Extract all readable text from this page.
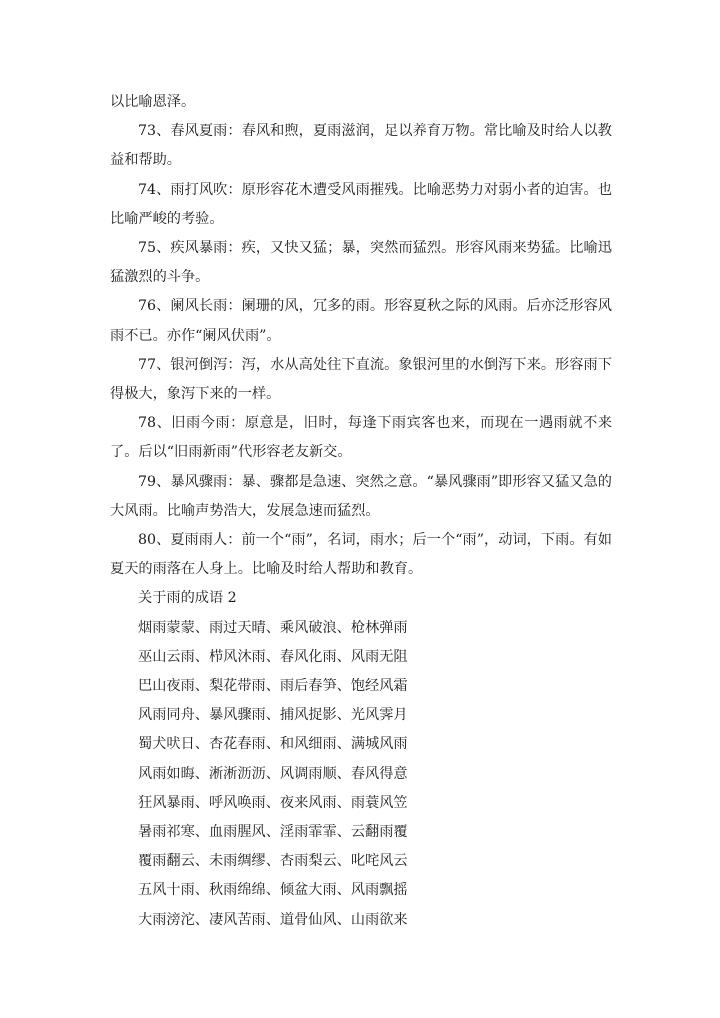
以比喻恩泽。

73、春风夏雨：春风和煦，夏雨滋润，足以养育万物。常比喻及时给人以教益和帮助。

74、雨打风吹：原形容花木遭受风雨摧残。比喻恶势力对弱小者的迫害。也比喻严峻的考验。

75、疾风暴雨：疾，又快又猛；暴，突然而猛烈。形容风雨来势猛。比喻迅猛激烈的斗争。

76、阑风长雨：阑珊的风，冗多的雨。形容夏秋之际的风雨。后亦泛形容风雨不已。亦作“阑风伏雨”。

77、银河倒泻：泻，水从高处往下直流。象银河里的水倒泻下来。形容雨下得极大，象泻下来的一样。

78、旧雨今雨：原意是，旧时，每逢下雨宾客也来，而现在一遇雨就不来了。后以“旧雨新雨”代形容老友新交。

79、暴风骤雨：暴、骤都是急速、突然之意。“暴风骤雨”即形容又猛又急的大风雨。比喻声势浩大，发展急速而猛烈。

80、夏雨雨人：前一个“雨”，名词，雨水；后一个“雨”，动词，下雨。有如夏天的雨落在人身上。比喻及时给人帮助和教育。

关于雨的成语 2

烟雨蒙蒙、雨过天晴、乘风破浪、枪林弹雨

巫山云雨、栉风沐雨、春风化雨、风雨无阻

巴山夜雨、梨花带雨、雨后春笋、饱经风霜

风雨同舟、暴风骤雨、捕风捉影、光风霁月

蜀犬吠日、杏花春雨、和风细雨、满城风雨

风雨如晦、淅淅沥沥、风调雨顺、春风得意

狂风暴雨、呼风唤雨、夜来风雨、雨蓑风笠

暑雨祁寒、血雨腥风、淫雨霏霏、云翻雨覆

覆雨翻云、未雨绸缪、杏雨梨云、叱咤风云

五风十雨、秋雨绵绵、倾盆大雨、风雨飘摇

大雨滂沱、凄风苦雨、道骨仙风、山雨欲来
